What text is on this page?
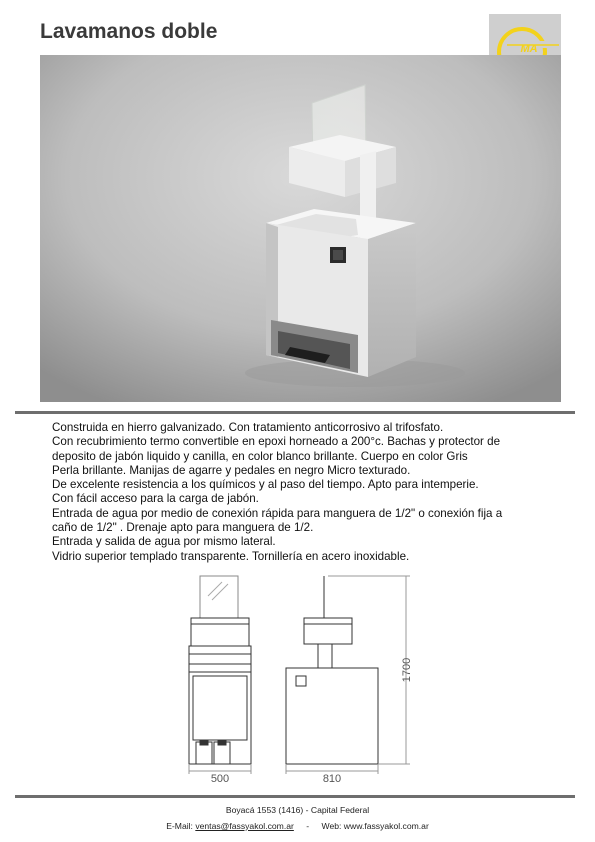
Lavamanos doble
MA
Construida en hierro galvanizado. Con tratamiento anticorrosivo al trifosfato.
Con recubrimiento termo convertible en epoxi horneado a 200°c. Bachas y protector de
deposito de jabón liquido y canilla, en color blanco brillante. Cuerpo en color Gris
Perla brillante. Manijas de agarre y pedales en negro Micro texturado.
De excelente resistencia a los químicos y al paso del tiempo. Apto para intemperie.
Con fácil acceso para la carga de jabón.
Entrada de agua por medio de conexión rápida para manguera de 1/2" o conexión fija a
caño de 1/2" . Drenaje apto para manguera de 1/2.
Entrada y salida de agua por mismo lateral.
Vidrio superior templado transparente. Tornillería en acero inoxidable.
500	810
1700
Boyacá 1553 (1416) - Capital Federal
E-Mail: ventas@fassyakol.com.ar - Web: www.fassyakol.com.ar
